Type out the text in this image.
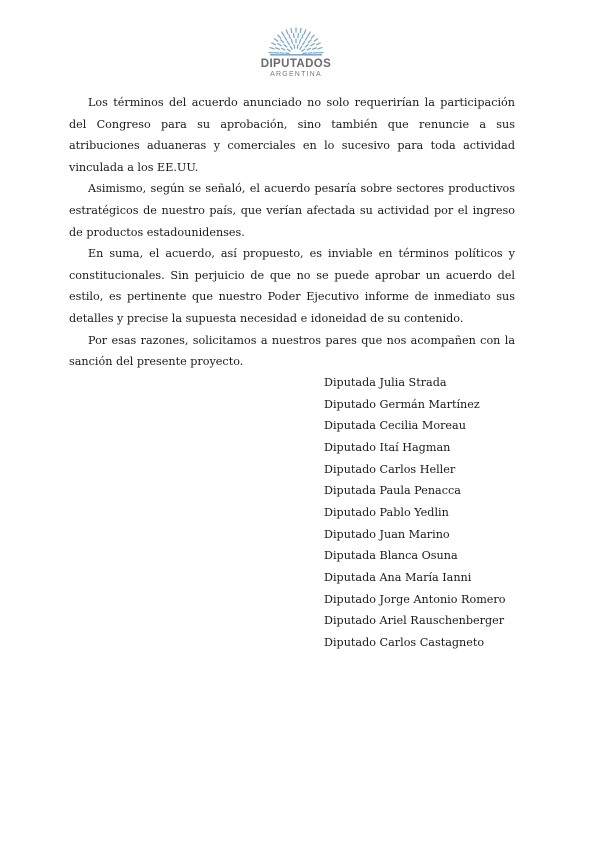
DIPUTADOS
ARGENTINA

Los términos del acuerdo anunciado no solo requerirían la participación del Congreso para su aprobación, sino también que renuncie a sus atribuciones aduaneras y comerciales en lo sucesivo para toda actividad vinculada a los EE.UU.

Asimismo, según se señaló, el acuerdo pesaría sobre sectores productivos estratégicos de nuestro país, que verían afectada su actividad por el ingreso de productos estadounidenses.

En suma, el acuerdo, así propuesto, es inviable en términos políticos y constitucionales. Sin perjuicio de que no se puede aprobar un acuerdo del estilo, es pertinente que nuestro Poder Ejecutivo informe de inmediato sus detalles y precise la supuesta necesidad e idoneidad de su contenido.

Por esas razones, solicitamos a nuestros pares que nos acompañen con la sanción del presente proyecto.

Diputada Julia Strada
Diputado Germán Martínez
Diputada Cecilia Moreau
Diputado Itaí Hagman
Diputado Carlos Heller
Diputada Paula Penacca
Diputado Pablo Yedlin
Diputado Juan Marino
Diputada Blanca Osuna
Diputada Ana María Ianni
Diputado Jorge Antonio Romero
Diputado Ariel Rauschenberger
Diputado Carlos Castagneto
